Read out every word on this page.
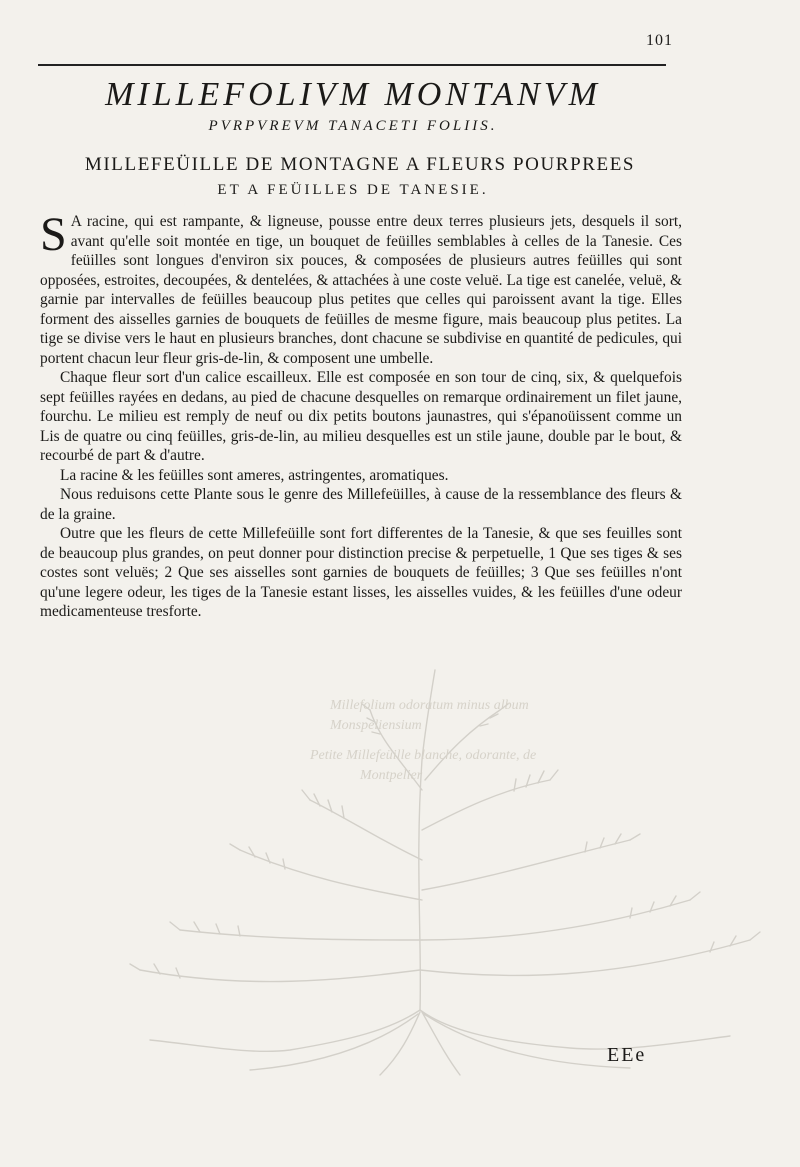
101
MILLEFOLIVM MONTANVM
PVRPVREVM TANACETI FOLIIS.
MILLEFEÜILLE DE MONTAGNE A FLEURS POURPREES
ET A FEÜILLES DE TANESIE.
Millefolium odoratum minus album
Monspeliensium
Petite Millefeüille blanche, odorante, de
Montpelier

S A racine, qui est rampante, & ligneuse, pousse entre deux terres plusieurs jets, desquels il sort, avant qu'elle soit montée en tige, un bouquet de feüilles semblables à celles de la Tanesie. Ces feüilles sont longues d'environ six pouces, & composées de plusieurs autres feüilles qui sont opposées, estroites, decoupées, & dentelées, & attachées à une coste veluë. La tige est canelée, veluë, & garnie par intervalles de feüilles beaucoup plus petites que celles qui paroissent avant la tige. Elles forment des aisselles garnies de bouquets de feüilles de mesme figure, mais beaucoup plus petites. La tige se divise vers le haut en plusieurs branches, dont chacune se subdivise en quantité de pedicules, qui portent chacun leur fleur gris-de-lin, & composent une umbelle.

Chaque fleur sort d'un calice escailleux. Elle est composée en son tour de cinq, six, & quelquefois sept feüilles rayées en dedans, au pied de chacune desquelles on remarque ordinairement un filet jaune, fourchu. Le milieu est remply de neuf ou dix petits boutons jaunastres, qui s'épanoüissent comme un Lis de quatre ou cinq feüilles, gris-de-lin, au milieu desquelles est un stile jaune, double par le bout, & recourbé de part & d'autre.

La racine & les feüilles sont ameres, astringentes, aromatiques.

Nous reduisons cette Plante sous le genre des Millefeüilles, à cause de la ressemblance des fleurs & de la graine.

Outre que les fleurs de cette Millefeüille sont fort differentes de la Tanesie, & que ses feuilles sont de beaucoup plus grandes, on peut donner pour distinction precise & perpetuelle, 1 Que ses tiges & ses costes sont veluës; 2 Que ses aisselles sont garnies de bouquets de feüilles; 3 Que ses feüilles n'ont qu'une legere odeur, les tiges de la Tanesie estant lisses, les aisselles vuides, & les feüilles d'une odeur medicamenteuse tresforte.

EEe
